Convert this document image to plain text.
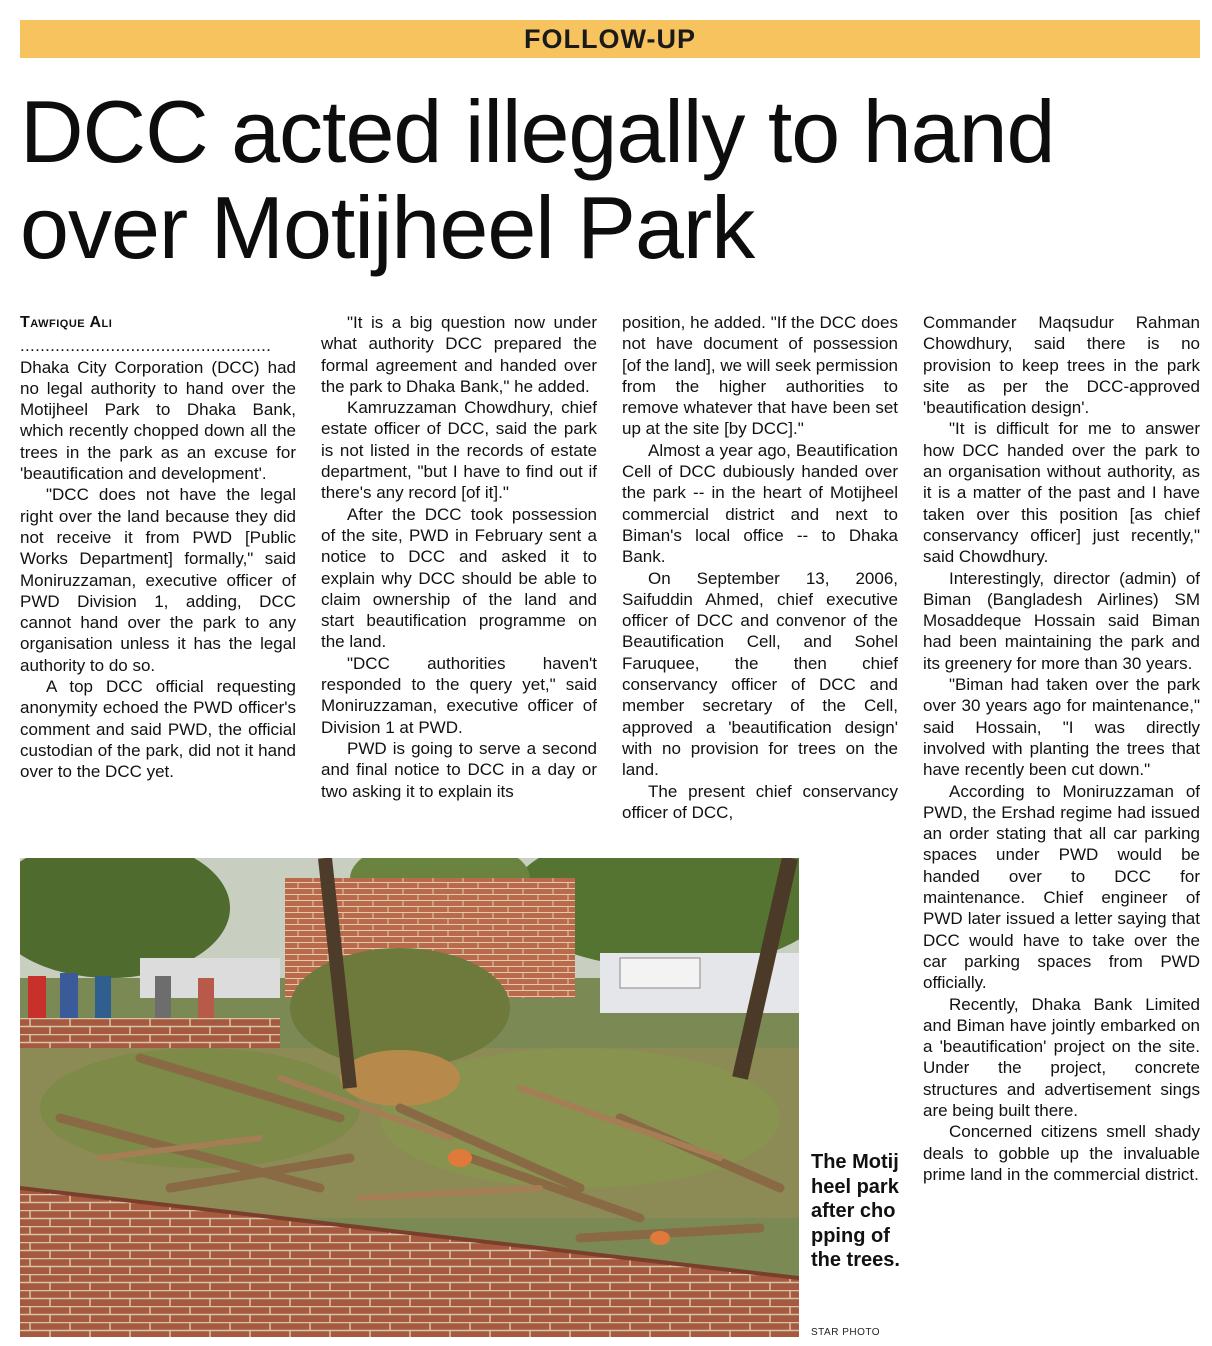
FOLLOW-UP
DCC acted illegally to hand over Motijheel Park

Tawfique Ali

..................................................

Dhaka City Corporation (DCC) had no legal authority to hand over the Motijheel Park to Dhaka Bank, which recently chopped down all the trees in the park as an excuse for 'beautification and development'.

"DCC does not have the legal right over the land because they did not receive it from PWD [Public Works Department] formally," said Moniruzzaman, executive officer of PWD Division 1, adding, DCC cannot hand over the park to any organisation unless it has the legal authority to do so.

A top DCC official requesting anonymity echoed the PWD officer's comment and said PWD, the official custodian of the park, did not it hand over to the DCC yet.

"It is a big question now under what authority DCC prepared the formal agreement and handed over the park to Dhaka Bank," he added.

Kamruzzaman Chowdhury, chief estate officer of DCC, said the park is not listed in the records of estate department, "but I have to find out if there's any record [of it]."

After the DCC took possession of the site, PWD in February sent a notice to DCC and asked it to explain why DCC should be able to claim ownership of the land and start beautification programme on the land.

"DCC authorities haven't responded to the query yet," said Moniruzzaman, executive officer of Division 1 at PWD.

PWD is going to serve a second and final notice to DCC in a day or two asking it to explain its

position, he added. "If the DCC does not have document of possession [of the land], we will seek permission from the higher authorities to remove whatever that have been set up at the site [by DCC]."

Almost a year ago, Beautification Cell of DCC dubiously handed over the park -- in the heart of Motijheel commercial district and next to Biman's local office -- to Dhaka Bank.

On September 13, 2006, Saifuddin Ahmed, chief executive officer of DCC and convenor of the Beautification Cell, and Sohel Faruquee, the then chief conservancy officer of DCC and member secretary of the Cell, approved a 'beautification design' with no provision for trees on the land.

The present chief conservancy officer of DCC,

Commander Maqsudur Rahman Chowdhury, said there is no provision to keep trees in the park site as per the DCC-approved 'beautification design'.

"It is difficult for me to answer how DCC handed over the park to an organisation without authority, as it is a matter of the past and I have taken over this position [as chief conservancy officer] just recently," said Chowdhury.

Interestingly, director (admin) of Biman (Bangladesh Airlines) SM Mosaddeque Hossain said Biman had been maintaining the park and its greenery for more than 30 years.

"Biman had taken over the park over 30 years ago for maintenance," said Hossain, "I was directly involved with planting the trees that have recently been cut down."

According to Moniruzzaman of PWD, the Ershad regime had issued an order stating that all car parking spaces under PWD would be handed over to DCC for maintenance. Chief engineer of PWD later issued a letter saying that DCC would have to take over the car parking spaces from PWD officially.

Recently, Dhaka Bank Limited and Biman have jointly embarked on a 'beautification' project on the site. Under the project, concrete structures and advertisement sings are being built there.

Concerned citizens smell shady deals to gobble up the invaluable prime land in the commercial district.

The Motijheel park after chopping of the trees.
STAR PHOTO
